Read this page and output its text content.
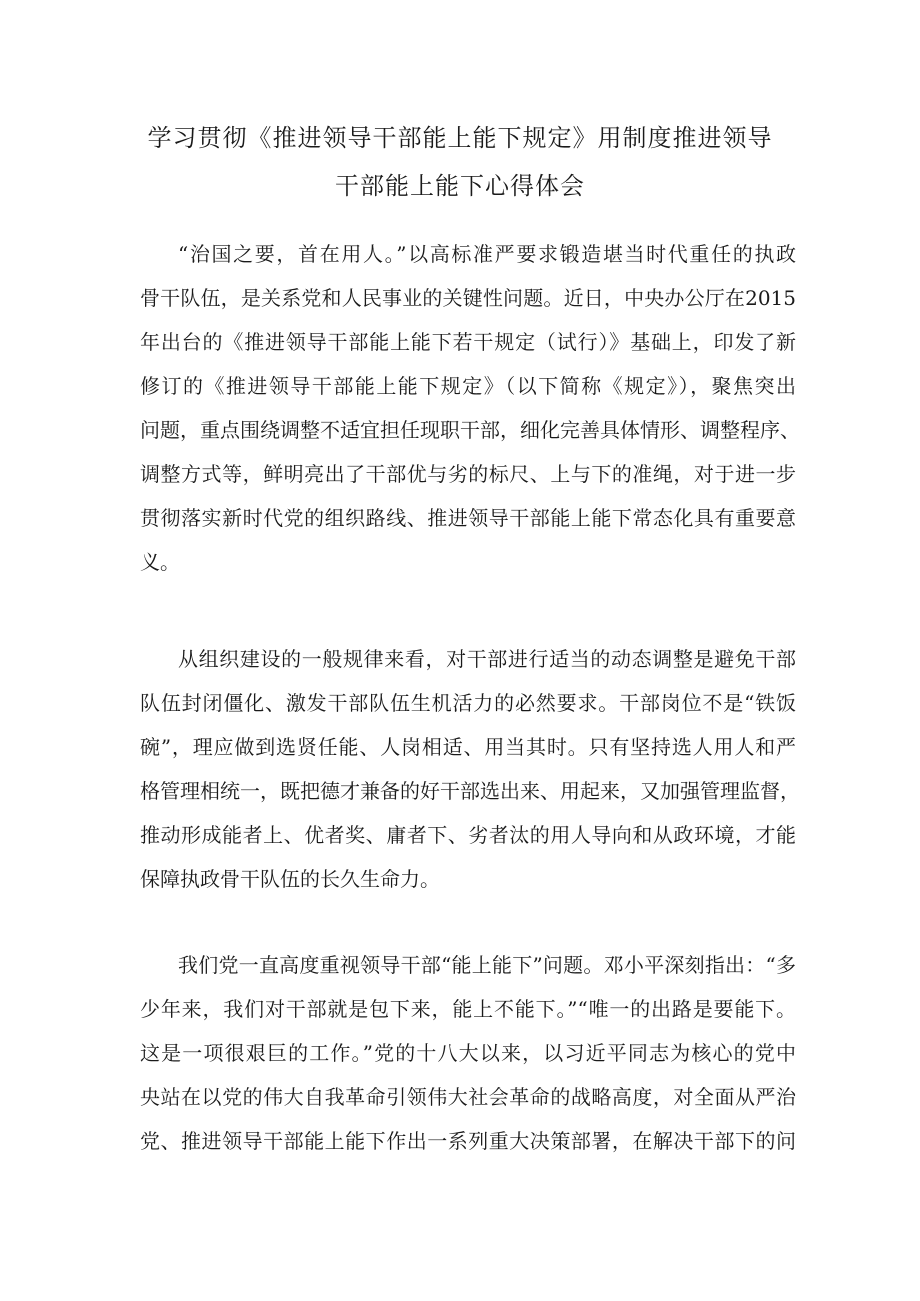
学习贯彻《推进领导干部能上能下规定》用制度推进领导
干部能上能下心得体会
“治国之要，首在用人。”以高标准严要求锻造堪当时代重任的执政
骨干队伍，是关系党和人民事业的关键性问题。近日，中央办公厅在2015
年出台的《推进领导干部能上能下若干规定（试行）》基础上，印发了新
修订的《推进领导干部能上能下规定》（以下简称《规定》），聚焦突出
问题，重点围绕调整不适宜担任现职干部，细化完善具体情形、调整程序、
调整方式等，鲜明亮出了干部优与劣的标尺、上与下的准绳，对于进一步
贯彻落实新时代党的组织路线、推进领导干部能上能下常态化具有重要意
义。
从组织建设的一般规律来看，对干部进行适当的动态调整是避免干部
队伍封闭僵化、激发干部队伍生机活力的必然要求。干部岗位不是“铁饭
碗”，理应做到选贤任能、人岗相适、用当其时。只有坚持选人用人和严
格管理相统一，既把德才兼备的好干部选出来、用起来，又加强管理监督，
推动形成能者上、优者奖、庸者下、劣者汰的用人导向和从政环境，才能
保障执政骨干队伍的长久生命力。
我们党一直高度重视领导干部“能上能下”问题。邓小平深刻指出：“多
少年来，我们对干部就是包下来，能上不能下。”“唯一的出路是要能下。
这是一项很艰巨的工作。”党的十八大以来，以习近平同志为核心的党中
央站在以党的伟大自我革命引领伟大社会革命的战略高度，对全面从严治
党、推进领导干部能上能下作出一系列重大决策部署，在解决干部下的问
